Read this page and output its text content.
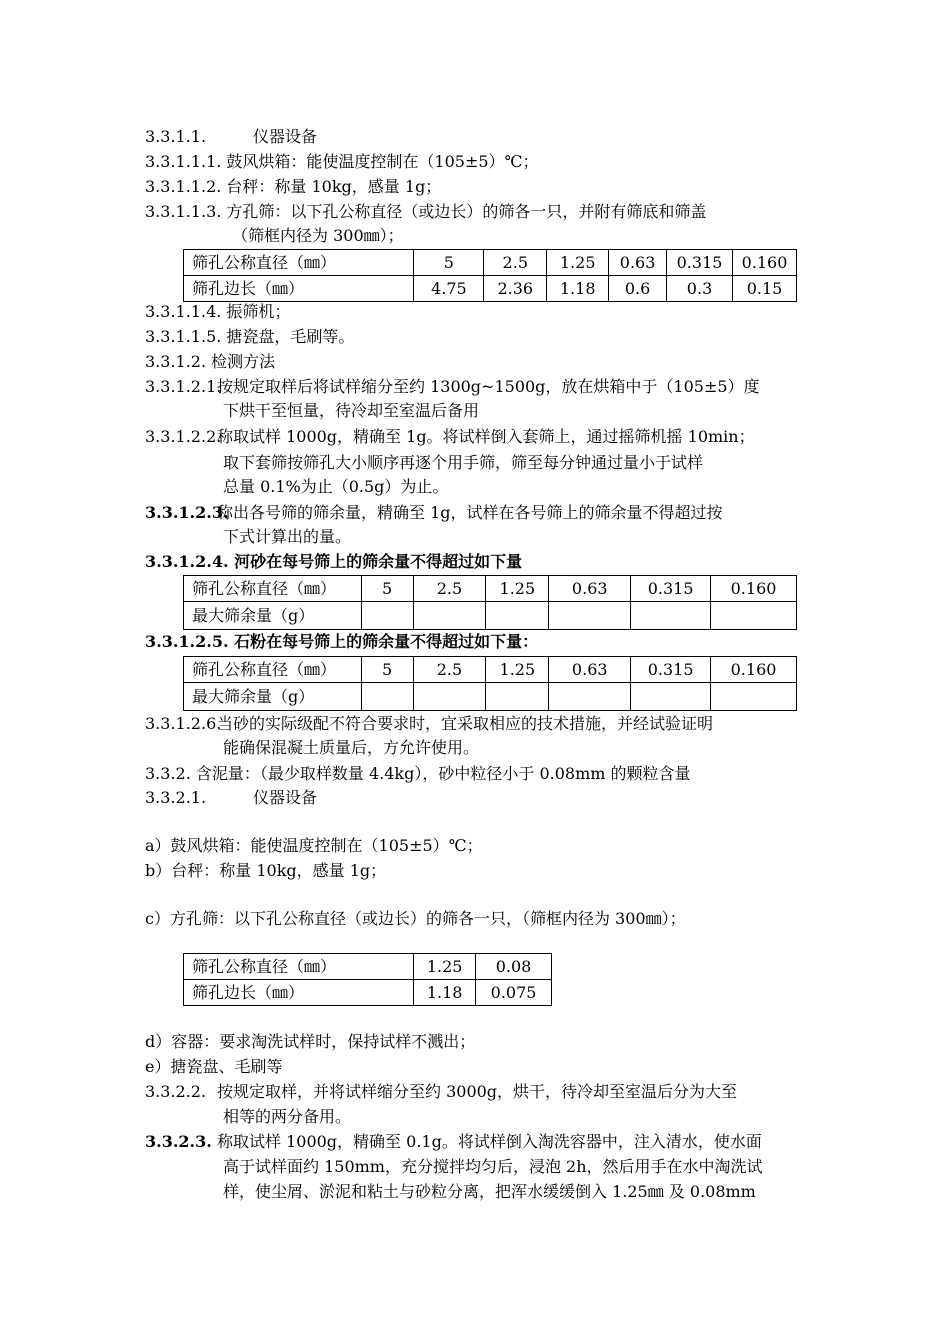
3.3.1.1.	仪器设备
3.3.1.1.1. 鼓风烘箱：能使温度控制在（105±5）℃；
3.3.1.1.2. 台秤：称量 10kg，感量 1g；
3.3.1.1.3. 方孔筛：以下孔公称直径（或边长）的筛各一只，并附有筛底和筛盖
（筛框内径为 300㎜）；
筛孔公称直径（㎜）	5	2.5	1.25	0.63	0.315	0.160
筛孔边长（㎜）	4.75	2.36	1.18	0.6	0.3	0.15
3.3.1.1.4. 振筛机；
3.3.1.1.5. 搪瓷盘，毛刷等。
3.3.1.2. 检测方法
3.3.1.2.1.按规定取样后将试样缩分至约 1300g~1500g，放在烘箱中于（105±5）度
下烘干至恒量，待冷却至室温后备用
3.3.1.2.2.称取试样 1000g，精确至 1g。将试样倒入套筛上，通过摇筛机摇 10min；
取下套筛按筛孔大小顺序再逐个用手筛，筛至每分钟通过量小于试样
总量 0.1%为止（0.5g）为止。
3.3.1.2.3.称出各号筛的筛余量，精确至 1g，试样在各号筛上的筛余量不得超过按
下式计算出的量。
3.3.1.2.4. 河砂在每号筛上的筛余量不得超过如下量
筛孔公称直径（㎜）	5	2.5	1.25	0.63	0.315	0.160
最大筛余量（g）						
3.3.1.2.5. 石粉在每号筛上的筛余量不得超过如下量：
筛孔公称直径（㎜）	5	2.5	1.25	0.63	0.315	0.160
最大筛余量（g）						
3.3.1.2.6.当砂的实际级配不符合要求时，宜采取相应的技术措施，并经试验证明
能确保混凝土质量后，方允许使用。
3.3.2. 含泥量：（最少取样数量 4.4kg），砂中粒径小于 0.08mm 的颗粒含量
3.3.2.1.	仪器设备
a）鼓风烘箱：能使温度控制在（105±5）℃；
b）台秤：称量 10kg，感量 1g；
c）方孔筛：以下孔公称直径（或边长）的筛各一只，（筛框内径为 300㎜）；
筛孔公称直径（㎜）	1.25	0.08
筛孔边长（㎜）	1.18	0.075
d）容器：要求淘洗试样时，保持试样不溅出；
e）搪瓷盘、毛刷等
3.3.2.2. 按规定取样，并将试样缩分至约 3000g，烘干，待冷却至室温后分为大至
相等的两分备用。
3.3.2.3. 称取试样 1000g，精确至 0.1g。将试样倒入淘洗容器中，注入清水，使水面
高于试样面约 150mm，充分搅拌均匀后，浸泡 2h，然后用手在水中淘洗试
样，使尘屑、淤泥和粘土与砂粒分离，把浑水缓缓倒入 1.25㎜ 及 0.08mm
